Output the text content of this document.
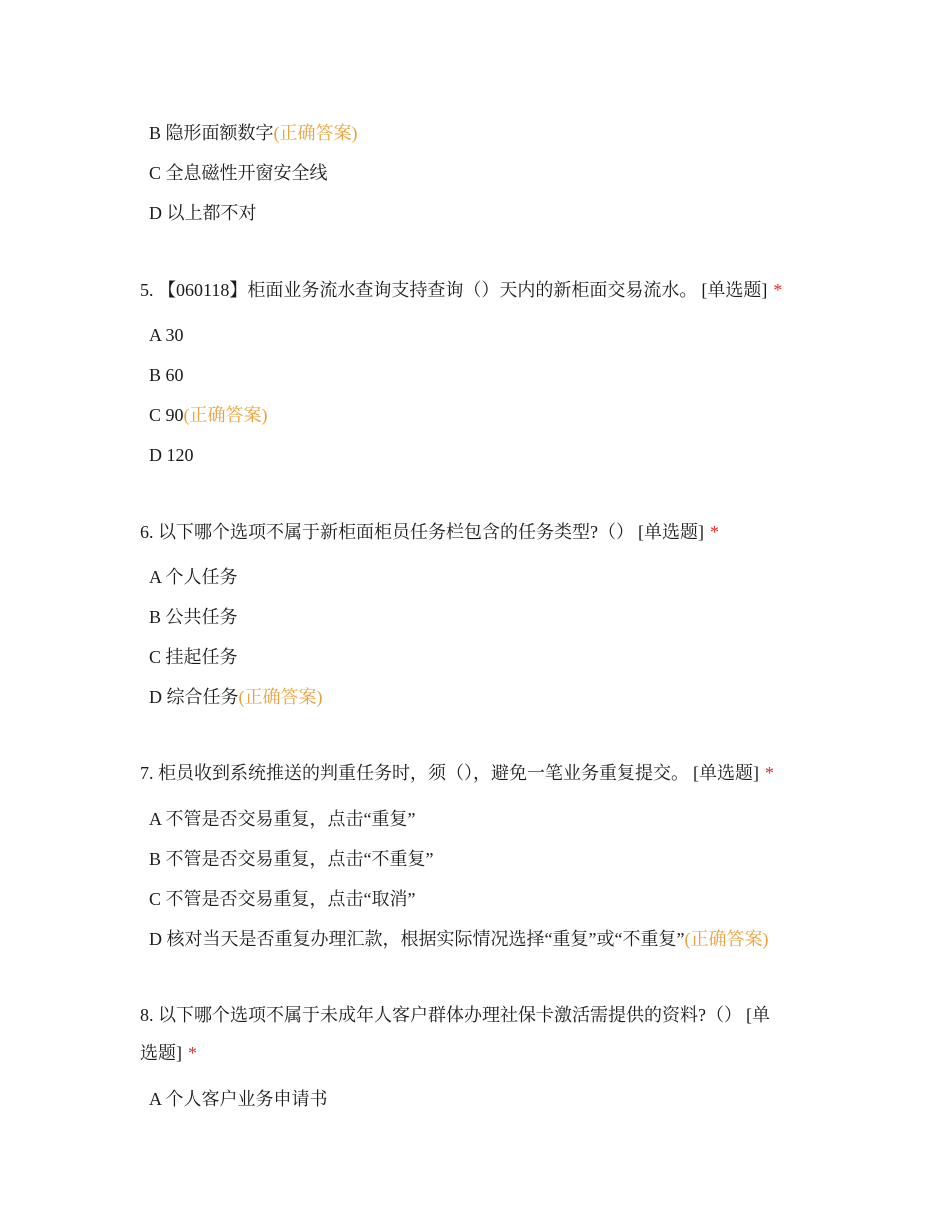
B 隐形面额数字(正确答案)
C 全息磁性开窗安全线
D 以上都不对
5. 【060118】柜面业务流水查询支持查询（）天内的新柜面交易流水。 [单选题] *
A 30
B 60
C 90(正确答案)
D 120
6. 以下哪个选项不属于新柜面柜员任务栏包含的任务类型?（） [单选题] *
A 个人任务
B 公共任务
C 挂起任务
D 综合任务(正确答案)
7. 柜员收到系统推送的判重任务时，须（），避免一笔业务重复提交。 [单选题] *
A 不管是否交易重复，点击“重复”
B 不管是否交易重复，点击“不重复”
C 不管是否交易重复，点击“取消”
D 核对当天是否重复办理汇款，根据实际情况选择“重复”或“不重复”(正确答案)
8. 以下哪个选项不属于未成年人客户群体办理社保卡激活需提供的资料?（） [单
选题] *
A 个人客户业务申请书
